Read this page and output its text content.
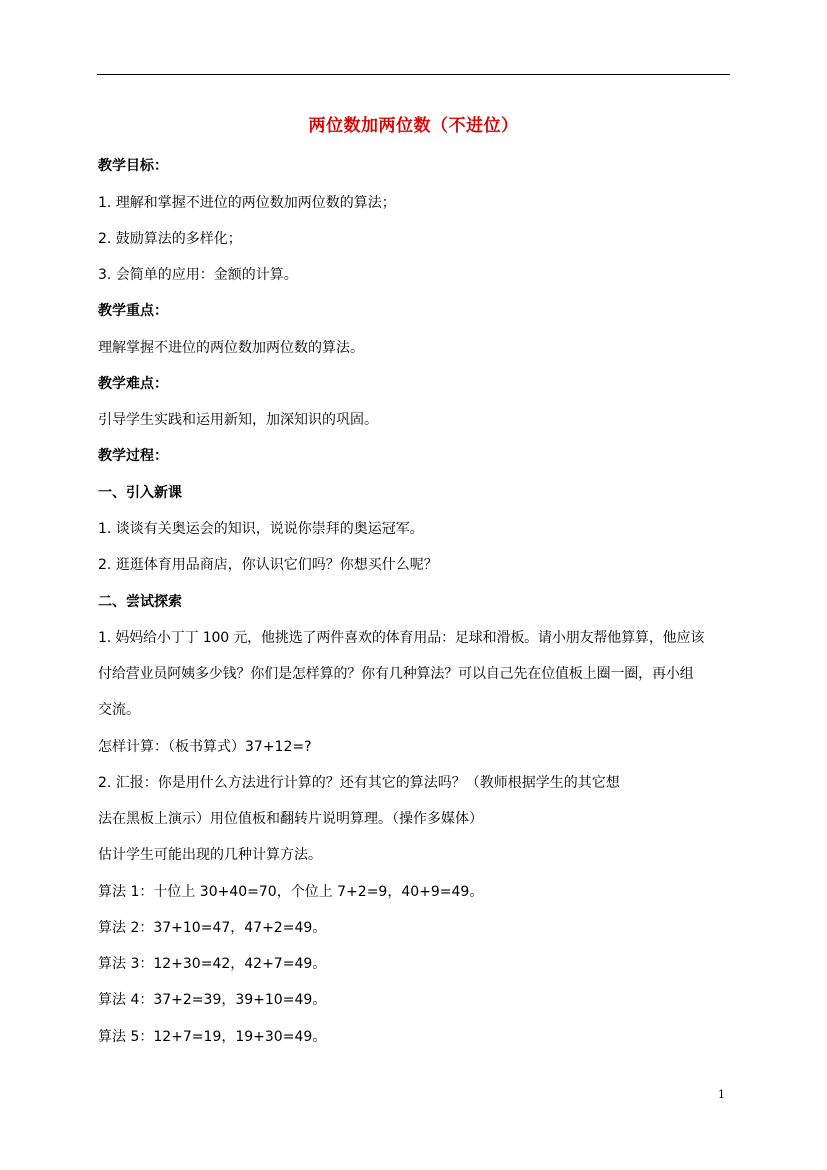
两位数加两位数（不进位）
教学目标：
1. 理解和掌握不进位的两位数加两位数的算法；
2. 鼓励算法的多样化；
3. 会简单的应用：金额的计算。
教学重点：
理解掌握不进位的两位数加两位数的算法。
教学难点：
引导学生实践和运用新知，加深知识的巩固。
教学过程：
一、引入新课
1. 谈谈有关奥运会的知识，说说你崇拜的奥运冠军。
2. 逛逛体育用品商店，你认识它们吗？你想买什么呢？
二、尝试探索
1. 妈妈给小丁丁 100 元，他挑选了两件喜欢的体育用品：足球和滑板。请小朋友帮他算算，他应该
付给营业员阿姨多少钱？你们是怎样算的？你有几种算法？可以自己先在位值板上圈一圈，再小组
交流。
怎样计算：（板书算式）37+12=?
2. 汇报：你是用什么方法进行计算的？还有其它的算法吗？（教师根据学生的其它想
法在黑板上演示）用位值板和翻转片说明算理。（操作多媒体）
估计学生可能出现的几种计算方法。
算法 1：十位上 30+40=70，个位上 7+2=9，40+9=49。
算法 2：37+10=47，47+2=49。
算法 3：12+30=42，42+7=49。
算法 4：37+2=39，39+10=49。
算法 5：12+7=19，19+30=49。
1
